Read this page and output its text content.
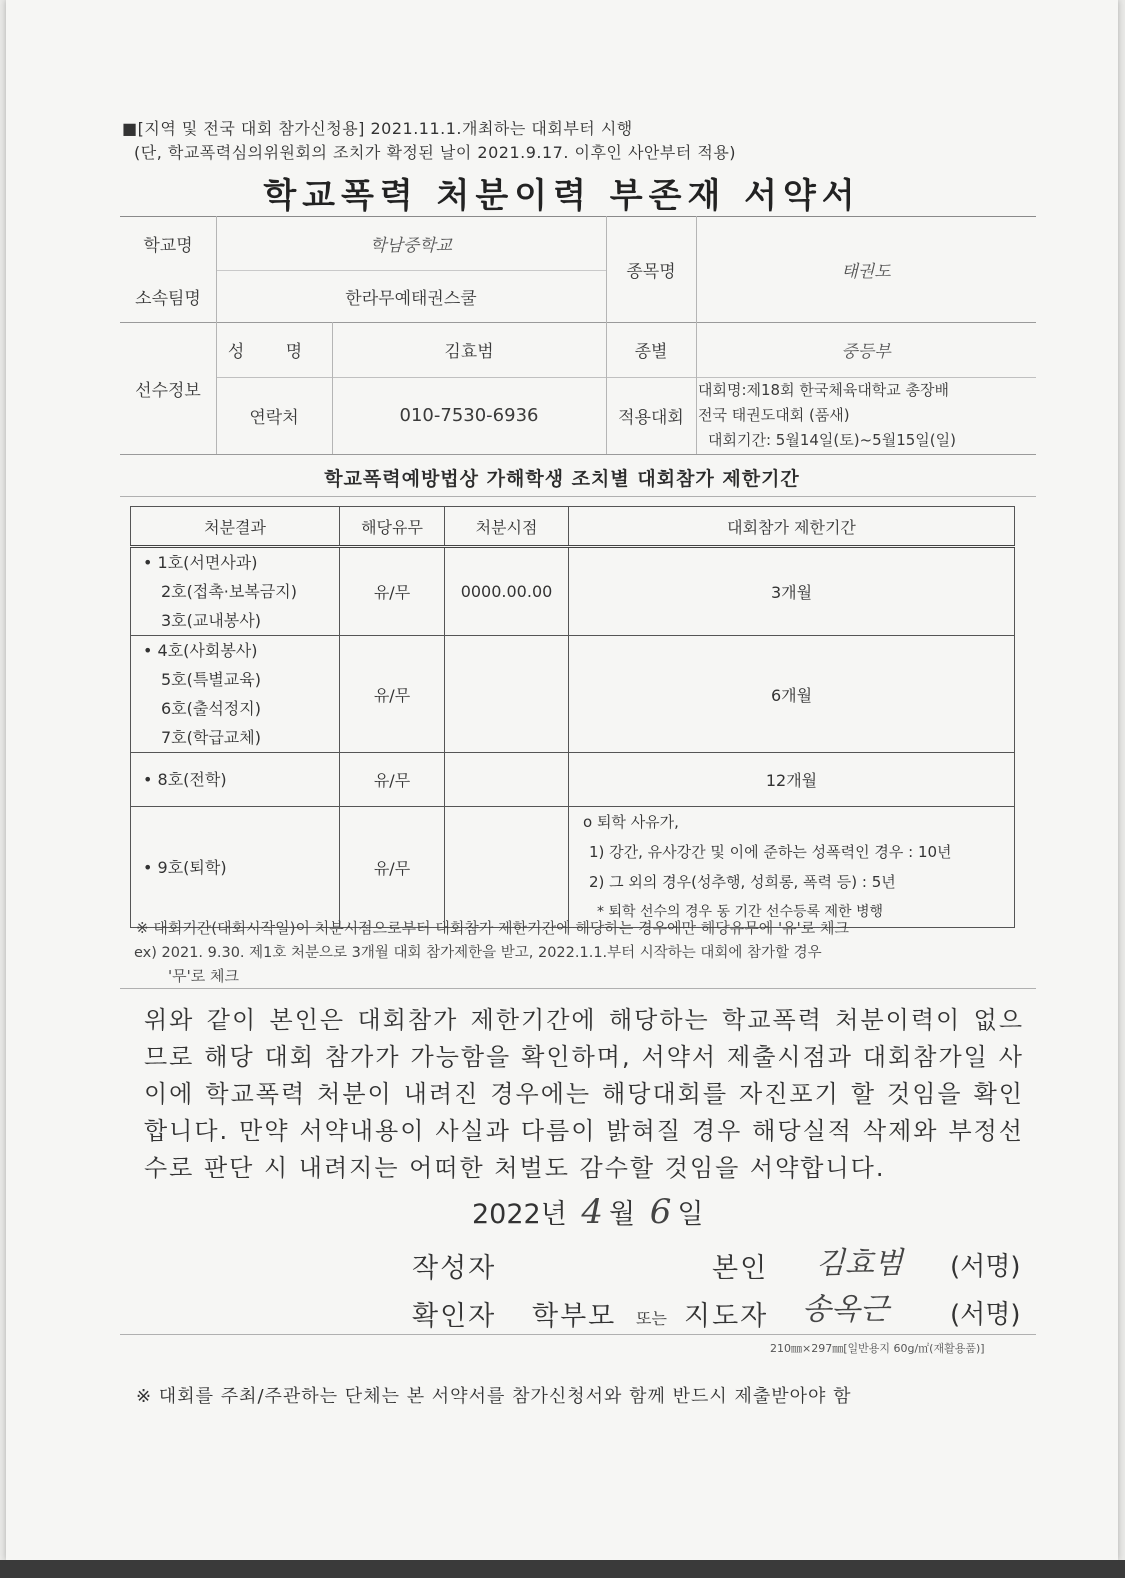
■[지역 및 전국 대회 참가신청용] 2021.11.1.개최하는 대회부터 시행
(단, 학교폭력심의위원회의 조치가 확정된 날이 2021.9.17. 이후인 사안부터 적용)
학교폭력 처분이력 부존재 서약서
학교명	학남중학교
소속팀명	한라무예태권스쿨
종목명	태권도
선수정보
성 명	김효범	종별	중등부
연락처	010-7530-6936	적용대회
대회명:제18회 한국체육대학교 총장배
전국 태권도대회 (품새)
대회기간: 5월14일(토)~5월15일(일)
학교폭력예방법상 가해학생 조치별 대회참가 제한기간
처분결과	해당유무	처분시점	대회참가 제한기간

• 1호(서면사과)
2호(접촉·보복금지)
3호(교내봉사)	유/무	0000.00.00	3개월

• 4호(사회봉사)
5호(특별교육)
6호(출석정지)
7호(학급교체)	유/무		6개월

• 8호(전학)	유/무		12개월

• 9호(퇴학)	유/무		o 퇴학 사유가,
1) 강간, 유사강간 및 이에 준하는 성폭력인 경우 : 10년
2) 그 외의 경우(성추행, 성희롱, 폭력 등) : 5년
* 퇴학 선수의 경우 동 기간 선수등록 제한 병행
※ 대회기간(대회시작일)이 처분시점으로부터 대회참가 제한기간에 해당하는 경우에만 해당유무에 '유'로 체크
ex) 2021. 9.30. 제1호 처분으로 3개월 대회 참가제한을 받고, 2022.1.1.부터 시작하는 대회에 참가할 경우
'무'로 체크
위와 같이 본인은 대회참가 제한기간에 해당하는 학교폭력 처분이력이 없으므로 해당 대회 참가가 가능함을 확인하며, 서약서 제출시점과 대회참가일 사이에 학교폭력 처분이 내려진 경우에는 해당대회를 자진포기 할 것임을 확인합니다. 만약 서약내용이 사실과 다름이 밝혀질 경우 해당실적 삭제와 부정선수로 판단 시 내려지는 어떠한 처벌도 감수할 것임을 서약합니다.
2022년 4 월 6 일
작성자	본인 김효범 (서명)
확인자 학부모 또는 지도자 송옥근 (서명)
210㎜×297㎜[일반용지 60g/㎡(재활용품)]
※ 대회를 주최/주관하는 단체는 본 서약서를 참가신청서와 함께 반드시 제출받아야 함
